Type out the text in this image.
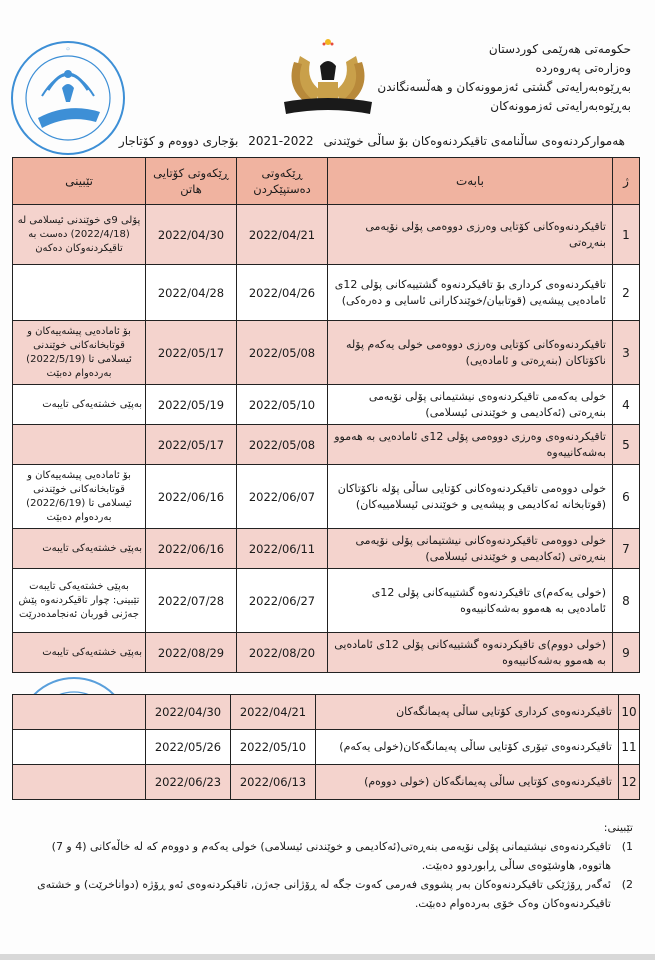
۞	حکومەتی هەرێمی کوردستان
وەزارەتی پەروەردە
بەڕێوەبەرایەتی گشتی ئەزموونەکان و هەڵسەنگاندن
بەڕێوەبەرایەتی ئەزموونەکان
هەموارکردنەوەی ساڵنامەی تاقیکردنەوەکان بۆ ساڵی خوێندنی 2022-2021 بۆجاری دووەم و کۆتاجار
ژ	بابەت	ڕێکەوتی دەستپێکردن	ڕێکەوتی کۆتایی هاتن	تێبینی
1	تاقیکردنەوەکانی کۆتایی وەرزی دووەمی پۆلی نۆیەمی بنەڕەتی	2022/04/21	2022/04/30	پۆلی 9ی خوێندنی ئیسلامی لە (2022/4/18) دەست بە تاقیکردنەوکان دەکەن
2	تاقیکردنەوەی کرداری بۆ تاقیکردنەوە گشتییەکانی پۆلی 12ی ئامادەیی پیشەیی (قوتابیان/خوێندکارانی ئاسایی و دەرەکی)	2022/04/26	2022/04/28	
3	تاقیکردنەوەکانی کۆتایی وەرزی دووەمی خولی یەکەم پۆلە ناکۆتاکان (بنەڕەتی و ئامادەیی)	2022/05/08	2022/05/17	بۆ ئامادەیی پیشەییەکان و قوتابخانەکانی خوێندنی ئیسلامی تا (2022/5/19) بەردەوام دەبێت
4	خولی یەکەمی تاقیکردنەوەی نیشتیمانی پۆلی نۆیەمی بنەڕەتی (ئەکادیمی و خوێندنی ئیسلامی)	2022/05/10	2022/05/19	بەپێی خشتەیەکی تایبەت
5	تاقیکردنەوەی وەرزی دووەمی پۆلی 12ی ئامادەیی بە هەموو بەشەکانییەوە	2022/05/08	2022/05/17	
6	خولی دووەمی تاقیکردنەوەکانی کۆتایی ساڵی پۆلە ناکۆتاکان (قوتابخانە ئەکادیمی و پیشەیی و خوێندنی ئیسلامییەکان)	2022/06/07	2022/06/16	بۆ ئامادەیی پیشەییەکان و قوتابخانەکانی خوێندنی ئیسلامی تا (2022/6/19) بەردەوام دەبێت
7	خولی دووەمی تاقیکردنەوەکانی نیشتیمانی پۆلی نۆیەمی بنەڕەتی (ئەکادیمی و خوێندنی ئیسلامی)	2022/06/11	2022/06/16	بەپێی خشتەیەکی تایبەت
8	(خولی یەکەم)ی تاقیکردنەوە گشتییەکانی پۆلی 12ی ئامادەیی بە هەموو بەشەکانییەوە	2022/06/27	2022/07/28	بەپێی خشتەیەکی تایبەت تێبینی: چوار تاقیکردنەوە پێش جەژنی قوربان ئەنجامدەدرێت
9	(خولی دووم)ی تاقیکردنەوە گشتییەکانی پۆلی 12ی ئامادەیی بە هەموو بەشەکانییەوە	2022/08/20	2022/08/29	بەپێی خشتەیەکی تایبەت
10	تاقیکردنەوەی کرداری کۆتایی ساڵی پەیمانگەکان	2022/04/21	2022/04/30	
11	تاقیکردنەوەی تیۆری کۆتایی ساڵی پەیمانگەکان(خولی یەکەم)	2022/05/10	2022/05/26	
12	تاقیکردنەوەی کۆتایی ساڵی پەیمانگەکان (خولی دووەم)	2022/06/13	2022/06/23	
تێبینی:
1)
تاقیکردنەوەی نیشتیمانی پۆلی نۆیەمی بنەڕەتی(ئەکادیمی و خوێندنی ئیسلامی) خولی یەکەم و دووەم کە لە خاڵەکانی (4 و 7) هاتووە, هاوشێوەی ساڵی ڕابوردوو دەبێت.
2)
ئەگەر ڕۆژێکی تاقیکردنەوەکان بەر پشووی فەرمی کەوت جگە لە ڕۆژانی جەژن, تاقیکردنەوەی ئەو ڕۆژە (دواناخرێت) و خشتەی تاقیکردنەوەکان وەک خۆی بەردەوام دەبێت.
